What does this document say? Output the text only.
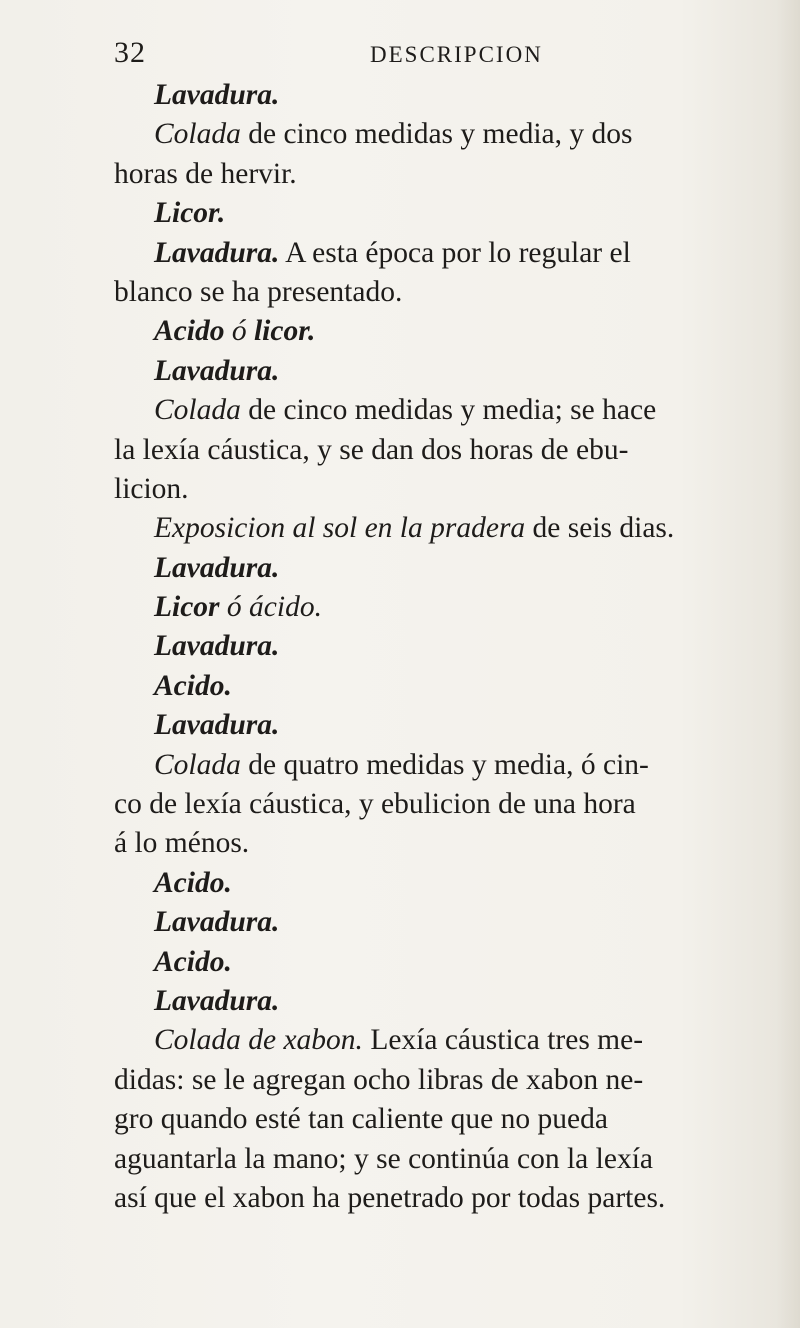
32	DESCRIPCION
Lavadura.
Colada de cinco medidas y media, y dos
horas de hervir.
Licor.
Lavadura. A esta época por lo regular el
blanco se ha presentado.
Acido ó licor.
Lavadura.
Colada de cinco medidas y media; se hace
la lexía cáustica, y se dan dos horas de ebu-
licion.
Exposicion al sol en la pradera de seis dias.
Lavadura.
Licor ó ácido.
Lavadura.
Acido.
Lavadura.
Colada de quatro medidas y media, ó cin-
co de lexía cáustica, y ebulicion de una hora
á lo ménos.
Acido.
Lavadura.
Acido.
Lavadura.
Colada de xabon. Lexía cáustica tres me-
didas: se le agregan ocho libras de xabon ne-
gro quando esté tan caliente que no pueda
aguantarla la mano; y se continúa con la lexía
así que el xabon ha penetrado por todas partes.
